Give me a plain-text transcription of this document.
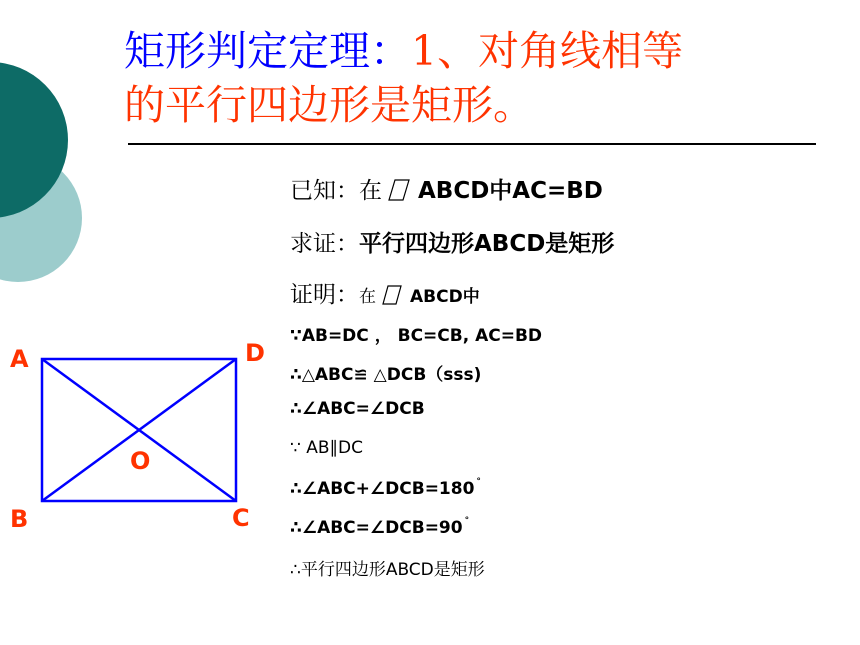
矩形判定定理：1、对角线相等
的平行四边形是矩形。
已知：在 ABCD中AC=BD
求证：平行四边形ABCD是矩形
证明：在 ABCD中
∵AB=DC ， BC=CB, AC=BD
∴△ABC≌ △DCB（sss)
∴∠ABC=∠DCB
∵ AB∥DC
∴∠ABC+∠DCB=180 °
∴∠ABC=∠DCB=90 °
∴平行四边形ABCD是矩形
A	D
B	C
O
